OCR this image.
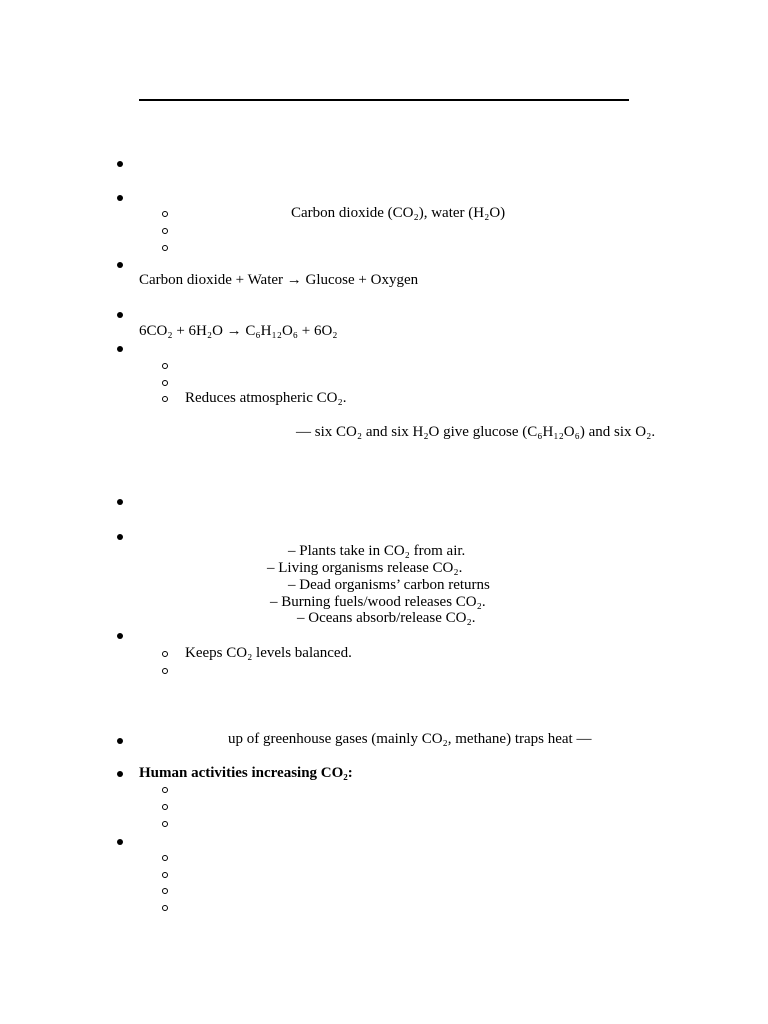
Carbon dioxide (CO₂), water (H₂O)
Carbon dioxide + Water → Glucose + Oxygen
6CO₂ + 6H₂O → C₆H₁₂O₆ + 6O₂
Reduces atmospheric CO₂.
— six CO₂ and six H₂O give glucose (C₆H₁₂O₆) and six O₂.
– Plants take in CO₂ from air.
– Living organisms release CO₂.
– Dead organisms’ carbon returns
– Burning fuels/wood releases CO₂.
– Oceans absorb/release CO₂.
Keeps CO₂ levels balanced.
up of greenhouse gases (mainly CO₂, methane) traps heat —
Human activities increasing CO₂:
